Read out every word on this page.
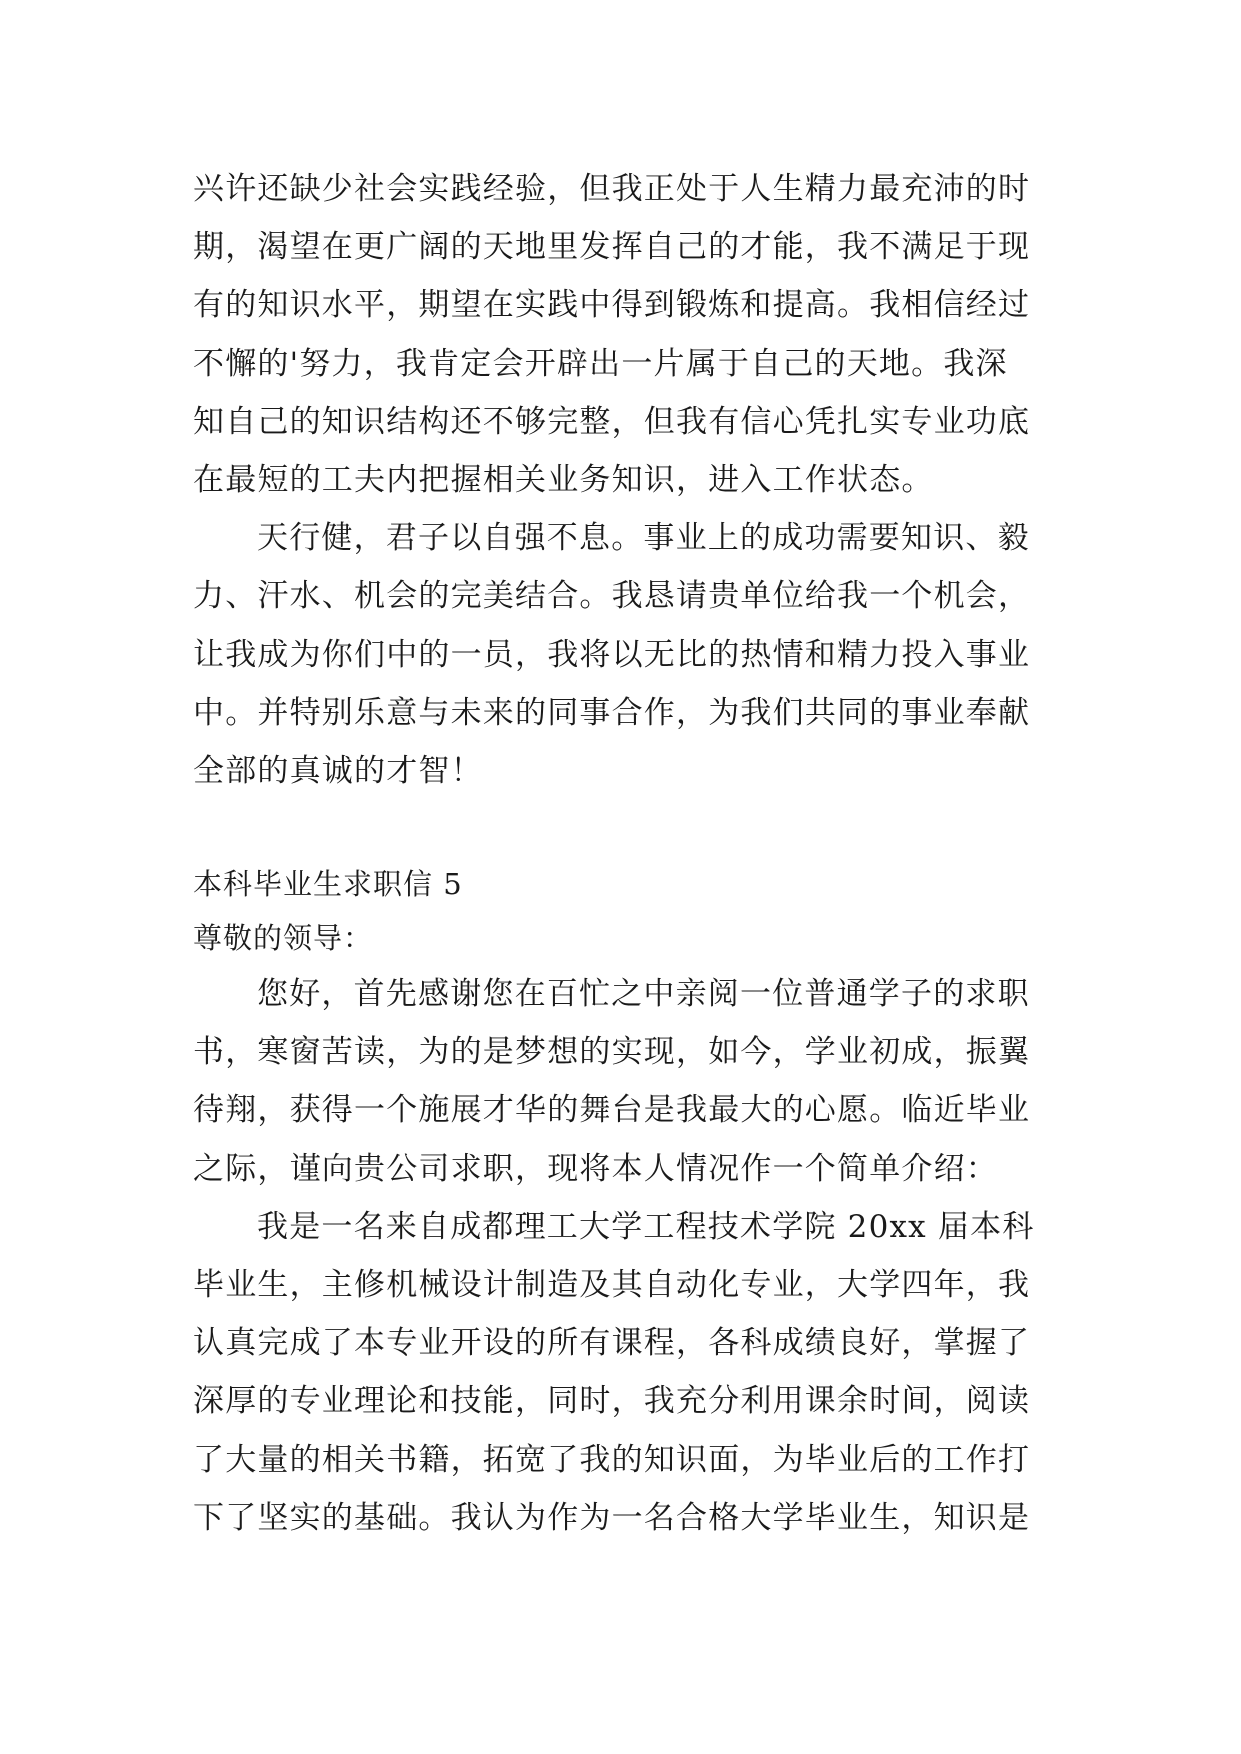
兴许还缺少社会实践经验，但我正处于人生精力最充沛的时
期，渴望在更广阔的天地里发挥自己的才能，我不满足于现
有的知识水平，期望在实践中得到锻炼和提高。我相信经过
不懈的'努力，我肯定会开辟出一片属于自己的天地。我深
知自己的知识结构还不够完整，但我有信心凭扎实专业功底
在最短的工夫内把握相关业务知识，进入工作状态。
天行健，君子以自强不息。事业上的成功需要知识、毅
力、汗水、机会的完美结合。我恳请贵单位给我一个机会，
让我成为你们中的一员，我将以无比的热情和精力投入事业
中。并特别乐意与未来的同事合作，为我们共同的事业奉献
全部的真诚的才智！
本科毕业生求职信 5
尊敬的领导：
您好，首先感谢您在百忙之中亲阅一位普通学子的求职
书，寒窗苦读，为的是梦想的实现，如今，学业初成，振翼
待翔，获得一个施展才华的舞台是我最大的心愿。临近毕业
之际，谨向贵公司求职，现将本人情况作一个简单介绍：
我是一名来自成都理工大学工程技术学院 20xx 届本科
毕业生，主修机械设计制造及其自动化专业，大学四年，我
认真完成了本专业开设的所有课程，各科成绩良好，掌握了
深厚的专业理论和技能，同时，我充分利用课余时间，阅读
了大量的相关书籍，拓宽了我的知识面，为毕业后的工作打
下了坚实的基础。我认为作为一名合格大学毕业生，知识是
